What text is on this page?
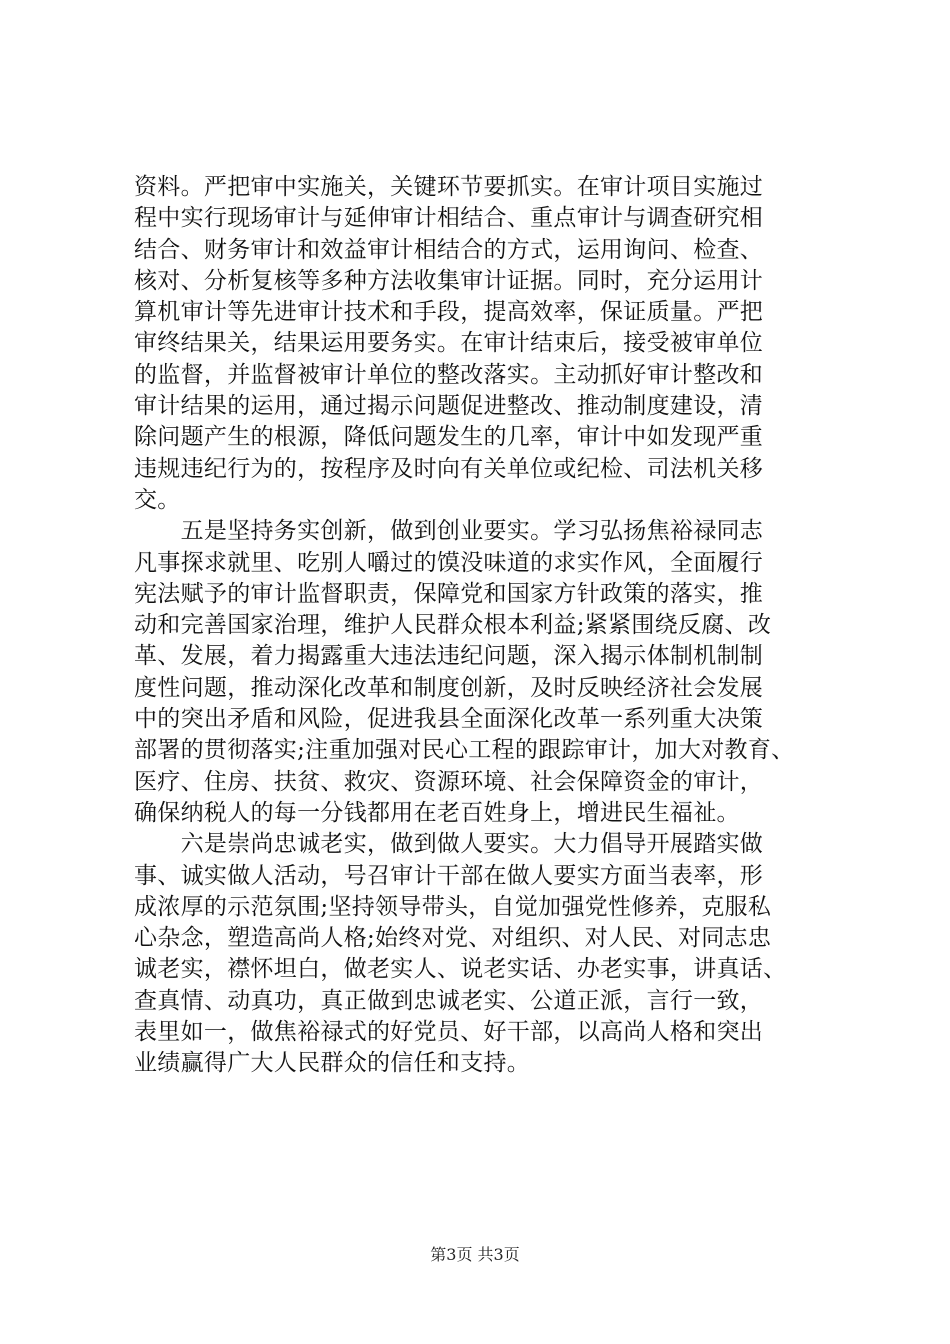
资料。严把审中实施关，关键环节要抓实。在审计项目实施过
程中实行现场审计与延伸审计相结合、重点审计与调查研究相
结合、财务审计和效益审计相结合的方式，运用询问、检查、
核对、分析复核等多种方法收集审计证据。同时，充分运用计
算机审计等先进审计技术和手段，提高效率，保证质量。严把
审终结果关，结果运用要务实。在审计结束后，接受被审单位
的监督，并监督被审计单位的整改落实。主动抓好审计整改和
审计结果的运用，通过揭示问题促进整改、推动制度建设，清
除问题产生的根源，降低问题发生的几率，审计中如发现严重
违规违纪行为的，按程序及时向有关单位或纪检、司法机关移
交。
　　五是坚持务实创新，做到创业要实。学习弘扬焦裕禄同志
凡事探求就里、吃别人嚼过的馍没味道的求实作风，全面履行
宪法赋予的审计监督职责，保障党和国家方针政策的落实，推
动和完善国家治理，维护人民群众根本利益;紧紧围绕反腐、改
革、发展，着力揭露重大违法违纪问题，深入揭示体制机制制
度性问题，推动深化改革和制度创新，及时反映经济社会发展
中的突出矛盾和风险，促进我县全面深化改革一系列重大决策
部署的贯彻落实;注重加强对民心工程的跟踪审计，加大对教育、
医疗、住房、扶贫、救灾、资源环境、社会保障资金的审计，
确保纳税人的每一分钱都用在老百姓身上，增进民生福祉。
　　六是崇尚忠诚老实，做到做人要实。大力倡导开展踏实做
事、诚实做人活动，号召审计干部在做人要实方面当表率，形
成浓厚的示范氛围;坚持领导带头，自觉加强党性修养，克服私
心杂念，塑造高尚人格;始终对党、对组织、对人民、对同志忠
诚老实，襟怀坦白，做老实人、说老实话、办老实事，讲真话、
查真情、动真功，真正做到忠诚老实、公道正派，言行一致，
表里如一，做焦裕禄式的好党员、好干部，以高尚人格和突出
业绩赢得广大人民群众的信任和支持。
第3页 共3页
